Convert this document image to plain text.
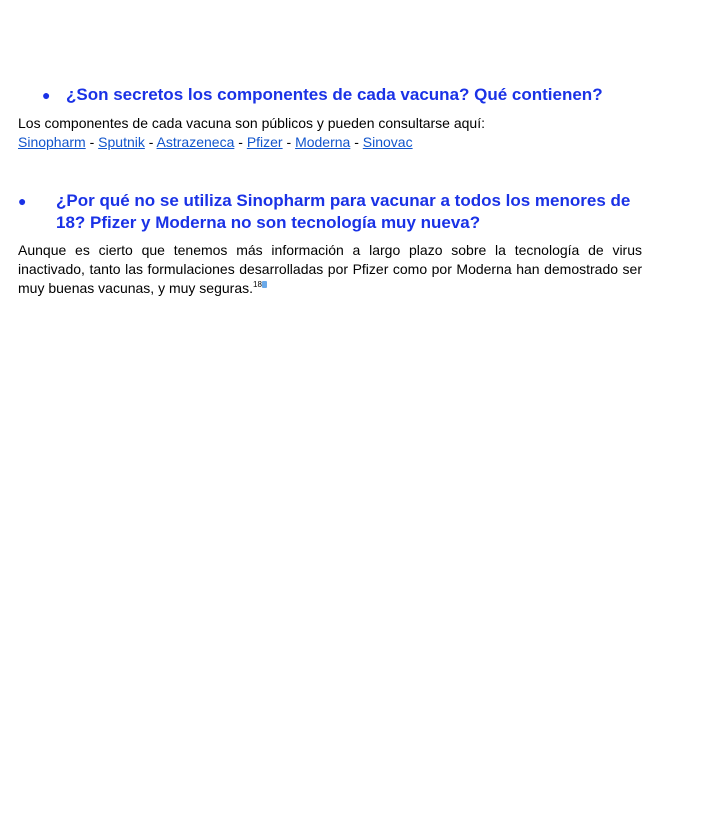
● ¿Son secretos los componentes de cada vacuna? Qué contienen?
Los componentes de cada vacuna son públicos y pueden consultarse aquí:
Sinopharm - Sputnik - Astrazeneca - Pfizer - Moderna - Sinovac
● ¿Por qué no se utiliza Sinopharm para vacunar a todos los menores de 18? Pfizer y Moderna no son tecnología muy nueva?
Aunque es cierto que tenemos más información a largo plazo sobre la tecnología de virus inactivado, tanto las formulaciones desarrolladas por Pfizer como por Moderna han demostrado ser muy buenas vacunas, y muy seguras.$^{18}$
